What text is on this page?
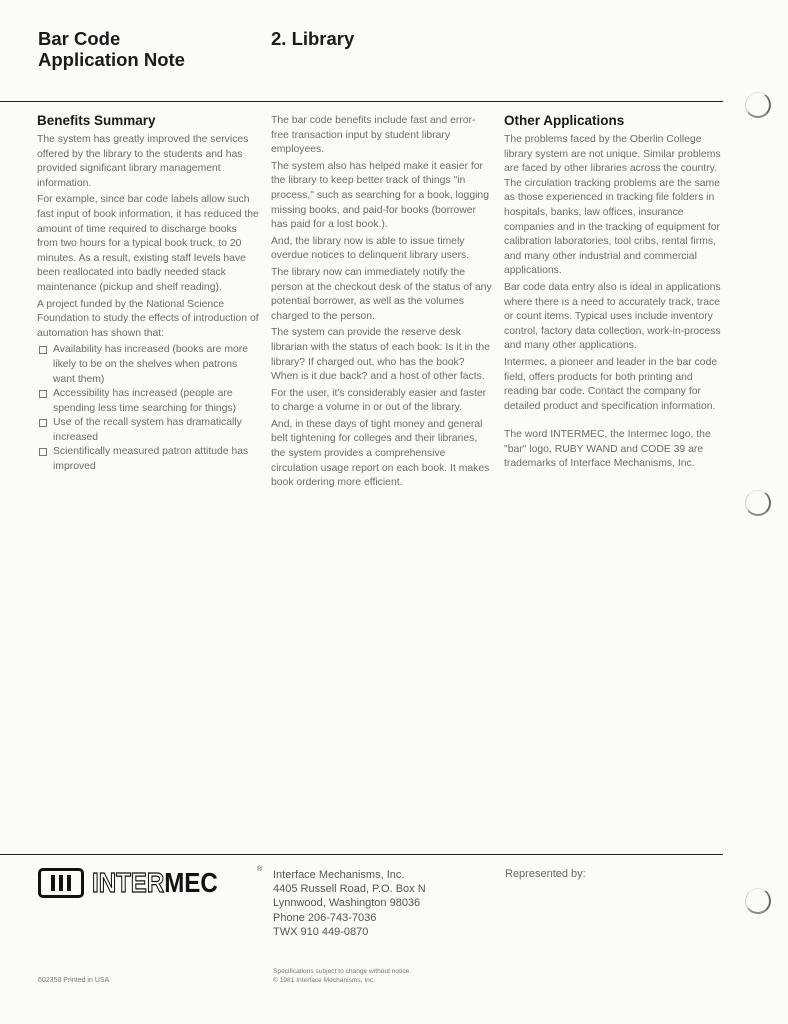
Bar Code
Application Note
2. Library
Benefits Summary

The system has greatly improved the services offered by the library to the students and has provided significant library management information.

For example, since bar code labels allow such fast input of book information, it has reduced the amount of time required to discharge books from two hours for a typical book truck, to 20 minutes. As a result, existing staff levels have been reallocated into badly needed stack maintenance (pickup and shelf reading).

A project funded by the National Science Foundation to study the effects of introduction of automation has shown that:

Availability has increased (books are more likely to be on the shelves when patrons want them)
Accessibility has increased (people are spending less time searching for things)
Use of the recall system has dramatically increased
Scientifically measured patron attitude has improved

The bar code benefits include fast and error-free transaction input by student library employees.

The system also has helped make it easier for the library to keep better track of things "in process," such as searching for a book, logging missing books, and paid-for books (borrower has paid for a lost book.).

And, the library now is able to issue timely overdue notices to delinquent library users.

The library now can immediately notify the person at the checkout desk of the status of any potential borrower, as well as the volumes charged to the person.

The system can provide the reserve desk librarian with the status of each book: Is it in the library? If charged out, who has the book? When is it due back? and a host of other facts.

For the user, it's considerably easier and faster to charge a volume in or out of the library.

And, in these days of tight money and general belt tightening for colleges and their libraries, the system provides a comprehensive circulation usage report on each book. It makes book ordering more efficient.

Other Applications

The problems faced by the Oberlin College library system are not unique. Similar problems are faced by other libraries across the country. The circulation tracking problems are the same as those experienced in tracking file folders in hospitals, banks, law offices, insurance companies and in the tracking of equipment for calibration laboratories, tool cribs, rental firms, and many other industrial and commercial applications.

Bar code data entry also is ideal in applications where there is a need to accurately track, trace or count items. Typical uses include inventory control, factory data collection, work-in-process and many other applications.

Intermec, a pioneer and leader in the bar code field, offers products for both printing and reading bar code. Contact the company for detailed product and specification information.

The word INTERMEC, the Intermec logo, the "bar" logo, RUBY WAND and CODE 39 are trademarks of Interface Mechanisms, Inc.

INTERMEC	® Interface Mechanisms, Inc.
4405 Russell Road, P.O. Box N
Lynnwood, Washington 98036
Phone 206-743-7036
TWX 910 449-0870
Represented by:
602350 Printed in USA
Specifications subject to change without notice.
© 1981 Interface Mechanisms, Inc.
